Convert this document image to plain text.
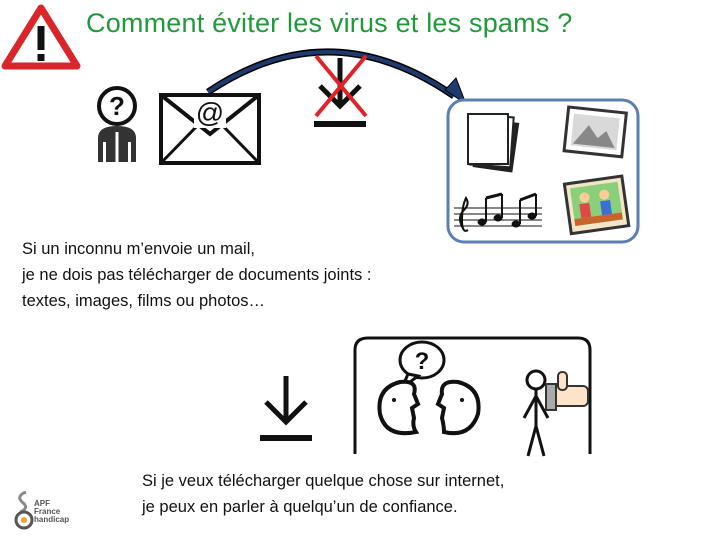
Comment éviter les virus et les spams ?
?	@
Si un inconnu m’envoie un mail,
je ne dois pas télécharger de documents joints :
textes, images, films ou photos…
?
Si je veux télécharger quelque chose sur internet,
je peux en parler à quelqu’un de confiance.
APF
France
handicap
